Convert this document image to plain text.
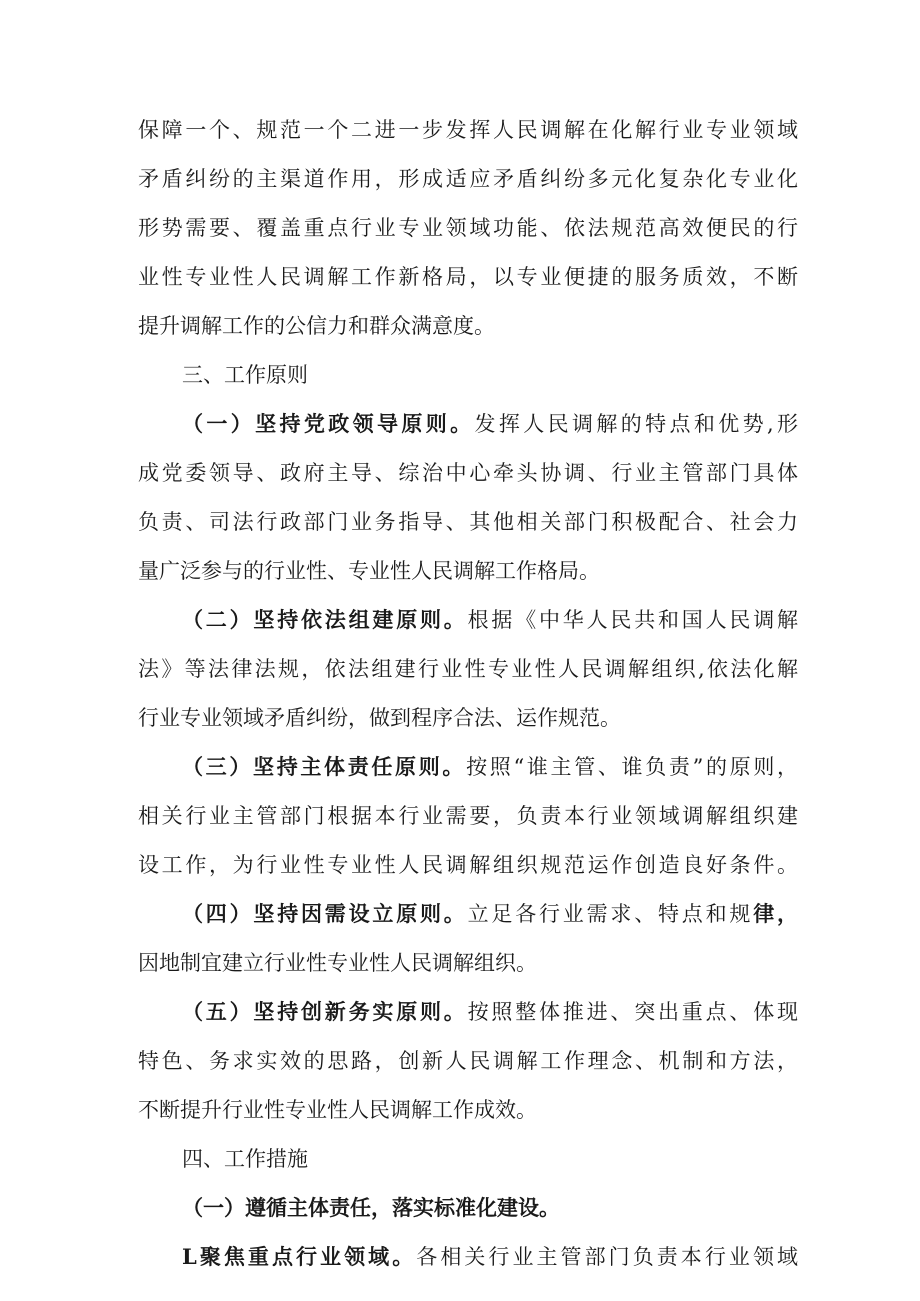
保障一个、规范一个二进一步发挥人民调解在化解行业专业领域
矛盾纠纷的主渠道作用，形成适应矛盾纠纷多元化复杂化专业化
形势需要、覆盖重点行业专业领域功能、依法规范高效便民的行
业性专业性人民调解工作新格局，以专业便捷的服务质效，不断
提升调解工作的公信力和群众满意度。
三、工作原则
（一）坚持党政领导原则。发挥人民调解的特点和优势,形
成党委领导、政府主导、综治中心牵头协调、行业主管部门具体
负责、司法行政部门业务指导、其他相关部门积极配合、社会力
量广泛参与的行业性、专业性人民调解工作格局。
（二）坚持依法组建原则。根据《中华人民共和国人民调解
法》等法律法规，依法组建行业性专业性人民调解组织,依法化解
行业专业领域矛盾纠纷，做到程序合法、运作规范。
（三）坚持主体责任原则。按照“谁主管、谁负责”的原则，
相关行业主管部门根据本行业需要，负责本行业领域调解组织建
设工作，为行业性专业性人民调解组织规范运作创造良好条件。
（四）坚持因需设立原则。立足各行业需求、特点和规律，
因地制宜建立行业性专业性人民调解组织。
（五）坚持创新务实原则。按照整体推进、突出重点、体现
特色、务求实效的思路，创新人民调解工作理念、机制和方法，
不断提升行业性专业性人民调解工作成效。
四、工作措施
（一）遵循主体责任，落实标准化建设。
L聚焦重点行业领域。各相关行业主管部门负责本行业领域
